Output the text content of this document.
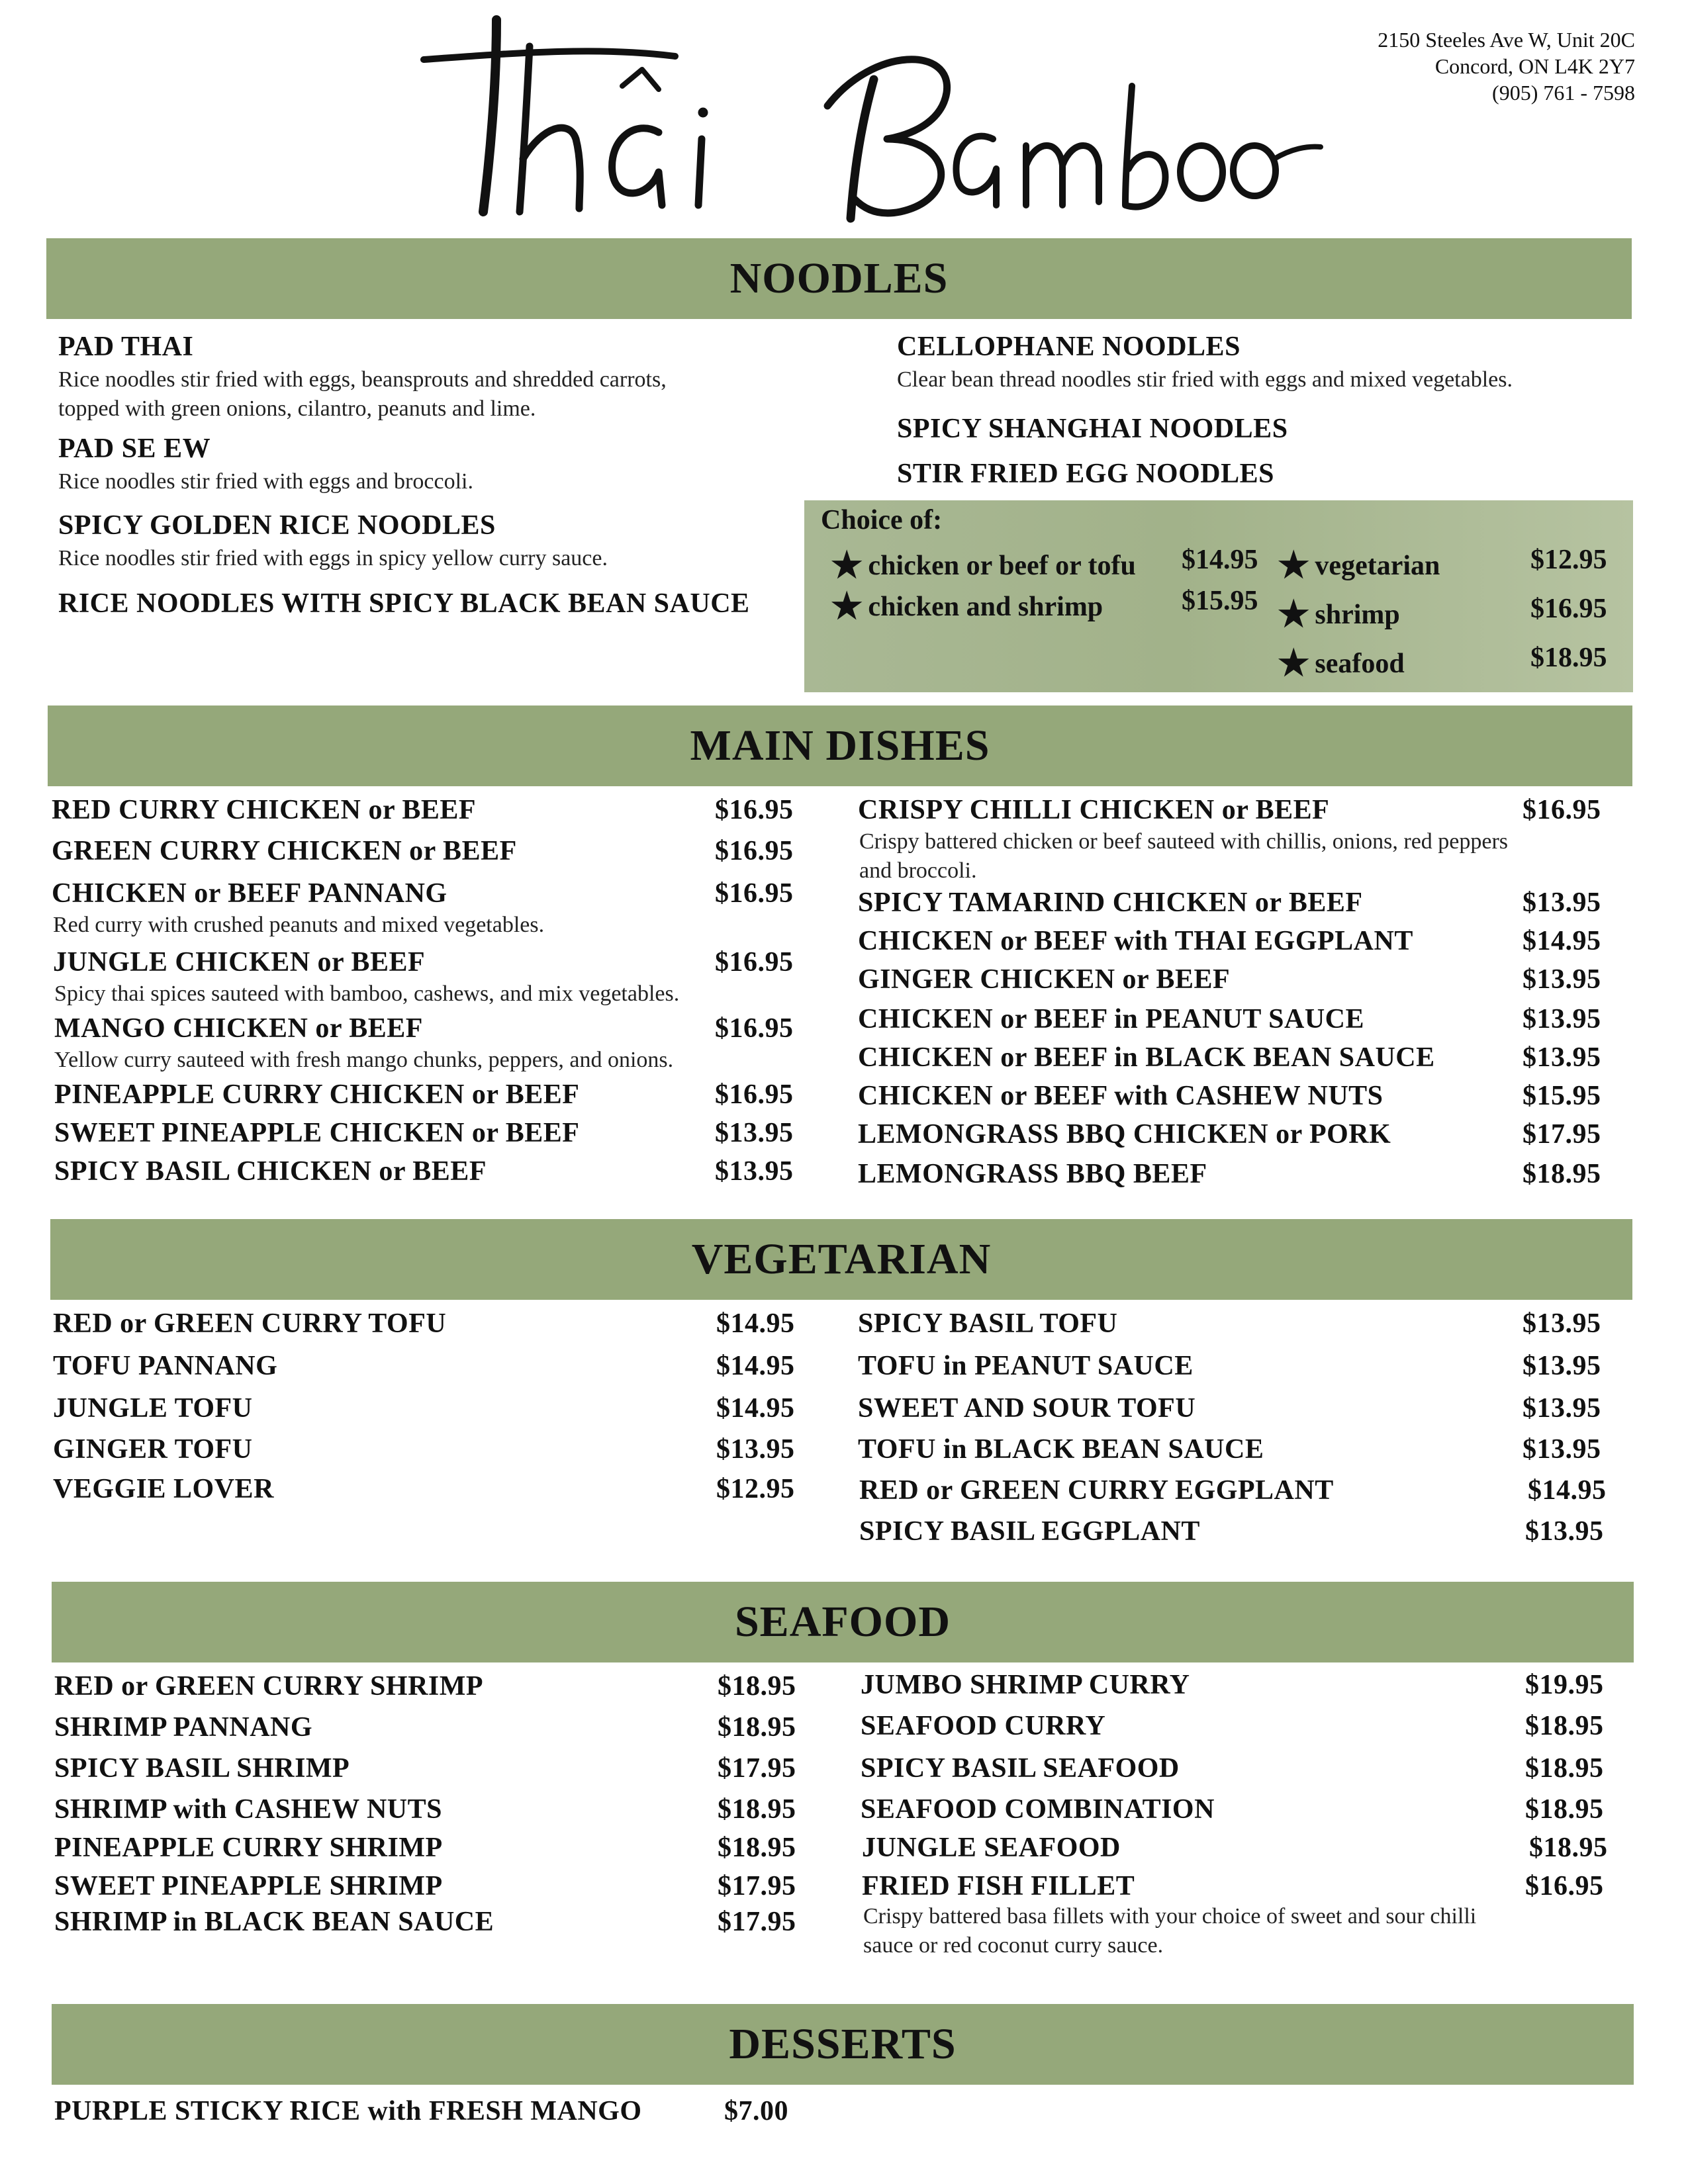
2150 Steeles Ave W, Unit 20C
Concord, ON L4K 2Y7
(905) 761 - 7598
NOODLES
PAD THAI
Rice noodles stir fried with eggs, beansprouts and shredded carrots,
topped with green onions, cilantro, peanuts and lime.
PAD SE EW
Rice noodles stir fried with eggs and broccoli.
SPICY GOLDEN RICE NOODLES
Rice noodles stir fried with eggs in spicy yellow curry sauce.
RICE NOODLES WITH SPICY BLACK BEAN SAUCE
CELLOPHANE NOODLES
Clear bean thread noodles stir fried with eggs and mixed vegetables.
SPICY SHANGHAI NOODLES
STIR FRIED EGG NOODLES
Choice of:
★ chicken or beef or tofu $14.95
★ chicken and shrimp	$15.95
★ vegetarian	$12.95
★ shrimp	$16.95
★ seafood	$18.95
MAIN DISHES
RED CURRY CHICKEN or BEEF	$16.95
GREEN CURRY CHICKEN or BEEF	$16.95
CHICKEN or BEEF PANNANG	$16.95
Red curry with crushed peanuts and mixed vegetables.
JUNGLE CHICKEN or BEEF	$16.95
Spicy thai spices sauteed with bamboo, cashews, and mix vegetables.
MANGO CHICKEN or BEEF	$16.95
Yellow curry sauteed with fresh mango chunks, peppers, and onions.
PINEAPPLE CURRY CHICKEN or BEEF	$16.95
SWEET PINEAPPLE CHICKEN or BEEF	$13.95
SPICY BASIL CHICKEN or BEEF	$13.95
CRISPY CHILLI CHICKEN or BEEF	$16.95
Crispy battered chicken or beef sauteed with chillis, onions, red peppers
and broccoli.
SPICY TAMARIND CHICKEN or BEEF	$13.95
CHICKEN or BEEF with THAI EGGPLANT	$14.95
GINGER CHICKEN or BEEF	$13.95
CHICKEN or BEEF in PEANUT SAUCE	$13.95
CHICKEN or BEEF in BLACK BEAN SAUCE	$13.95
CHICKEN or BEEF with CASHEW NUTS	$15.95
LEMONGRASS BBQ CHICKEN or PORK	$17.95
LEMONGRASS BBQ BEEF	$18.95
VEGETARIAN
RED or GREEN CURRY TOFU	$14.95
TOFU PANNANG	$14.95
JUNGLE TOFU	$14.95
GINGER TOFU	$13.95
VEGGIE LOVER	$12.95
SPICY BASIL TOFU	$13.95
TOFU in PEANUT SAUCE	$13.95
SWEET AND SOUR TOFU	$13.95
TOFU in BLACK BEAN SAUCE	$13.95
RED or GREEN CURRY EGGPLANT	$14.95
SPICY BASIL EGGPLANT	$13.95
SEAFOOD
RED or GREEN CURRY SHRIMP	$18.95
SHRIMP PANNANG	$18.95
SPICY BASIL SHRIMP	$17.95
SHRIMP with CASHEW NUTS	$18.95
PINEAPPLE CURRY SHRIMP	$18.95
SWEET PINEAPPLE SHRIMP	$17.95
SHRIMP in BLACK BEAN SAUCE	$17.95
JUMBO SHRIMP CURRY	$19.95
SEAFOOD CURRY	$18.95
SPICY BASIL SEAFOOD	$18.95
SEAFOOD COMBINATION	$18.95
JUNGLE SEAFOOD	$18.95
FRIED FISH FILLET	$16.95
Crispy battered basa fillets with your choice of sweet and sour chilli
sauce or red coconut curry sauce.
DESSERTS
PURPLE STICKY RICE with FRESH MANGO	$7.00
